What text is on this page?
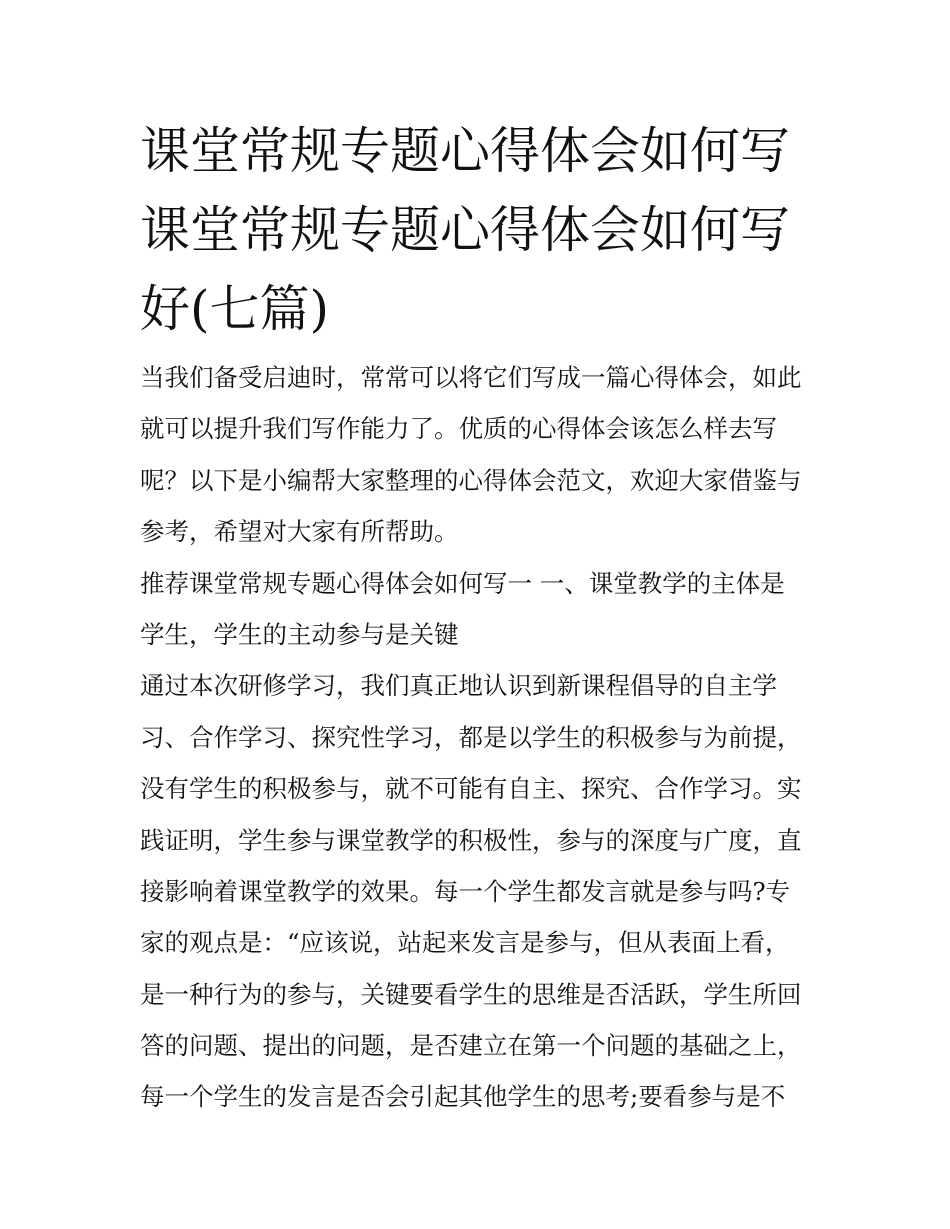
课堂常规专题心得体会如何写
课堂常规专题心得体会如何写
好(七篇)
当我们备受启迪时，常常可以将它们写成一篇心得体会，如此
就可以提升我们写作能力了。优质的心得体会该怎么样去写
呢？以下是小编帮大家整理的心得体会范文，欢迎大家借鉴与
参考，希望对大家有所帮助。
推荐课堂常规专题心得体会如何写一 一、课堂教学的主体是
学生，学生的主动参与是关键
通过本次研修学习，我们真正地认识到新课程倡导的自主学
习、合作学习、探究性学习，都是以学生的积极参与为前提，
没有学生的积极参与，就不可能有自主、探究、合作学习。实
践证明，学生参与课堂教学的积极性，参与的深度与广度，直
接影响着课堂教学的效果。每一个学生都发言就是参与吗?专
家的观点是：“应该说，站起来发言是参与，但从表面上看，
是一种行为的参与，关键要看学生的思维是否活跃，学生所回
答的问题、提出的问题，是否建立在第一个问题的基础之上，
每一个学生的发言是否会引起其他学生的思考;要看参与是不
